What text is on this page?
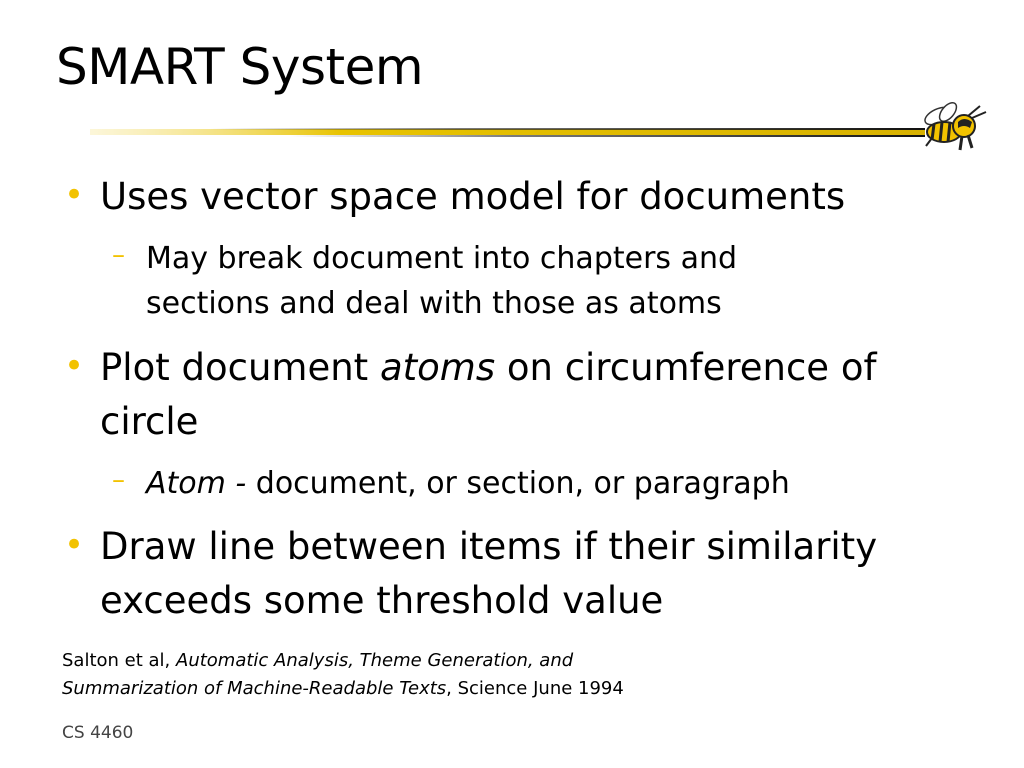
SMART System
• Uses vector space model for documents
– May break document into chapters and
sections and deal with those as atoms
• Plot document atoms on circumference of
circle
– Atom - document, or section, or paragraph
• Draw line between items if their similarity
exceeds some threshold value
Salton et al, Automatic Analysis, Theme Generation, and
Summarization of Machine-Readable Texts, Science June 1994
CS 4460
